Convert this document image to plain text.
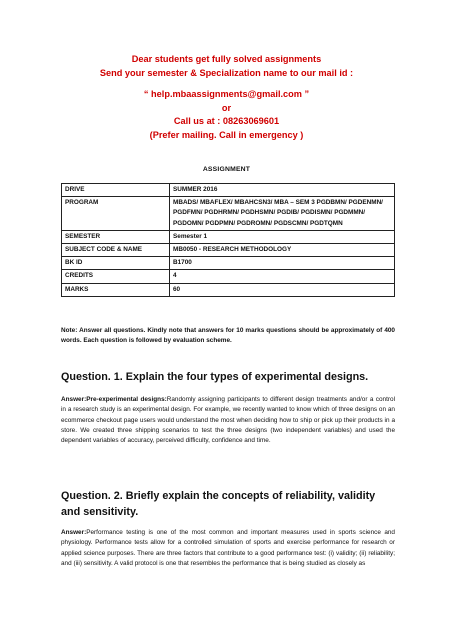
Dear students get fully solved assignments
Send your semester & Specialization name to our mail id :
“ help.mbaassignments@gmail.com ”
or
Call us at : 08263069601
(Prefer mailing. Call in emergency )
ASSIGNMENT
DRIVE	SUMMER 2016
PROGRAM	MBADS/ MBAFLEX/ MBAHCSN3/ MBA – SEM 3 PGDBMN/ PGDENMN/ PGDFMN/ PGDHRMN/ PGDHSMN/ PGDIB/ PGDISMN/ PGDMMN/ PGDOMN/ PGDPMN/ PGDROMN/ PGDSCMN/ PGDTQMN
SEMESTER	Semester 1
SUBJECT CODE & NAME	MB0050 - RESEARCH METHODOLOGY
BK ID	B1700
CREDITS	4
MARKS	60
Note: Answer all questions. Kindly note that answers for 10 marks questions should be approximately of 400 words. Each question is followed by evaluation scheme.
Question. 1. Explain the four types of experimental designs.
Answer:Pre-experimental designs:Randomly assigning participants to different design treatments and/or a control in a research study is an experimental design. For example, we recently wanted to know which of three designs on an ecommerce checkout page users would understand the most when deciding how to ship or pick up their products in a store. We created three shipping scenarios to test the three designs (two independent variables) and used the dependent variables of accuracy, perceived difficulty, confidence and time.
Question. 2. Briefly explain the concepts of reliability, validity and sensitivity.
Answer:Performance testing is one of the most common and important measures used in sports science and physiology. Performance tests allow for a controlled simulation of sports and exercise performance for research or applied science purposes. There are three factors that contribute to a good performance test: (i) validity; (ii) reliability; and (iii) sensitivity. A valid protocol is one that resembles the performance that is being studied as closely as
